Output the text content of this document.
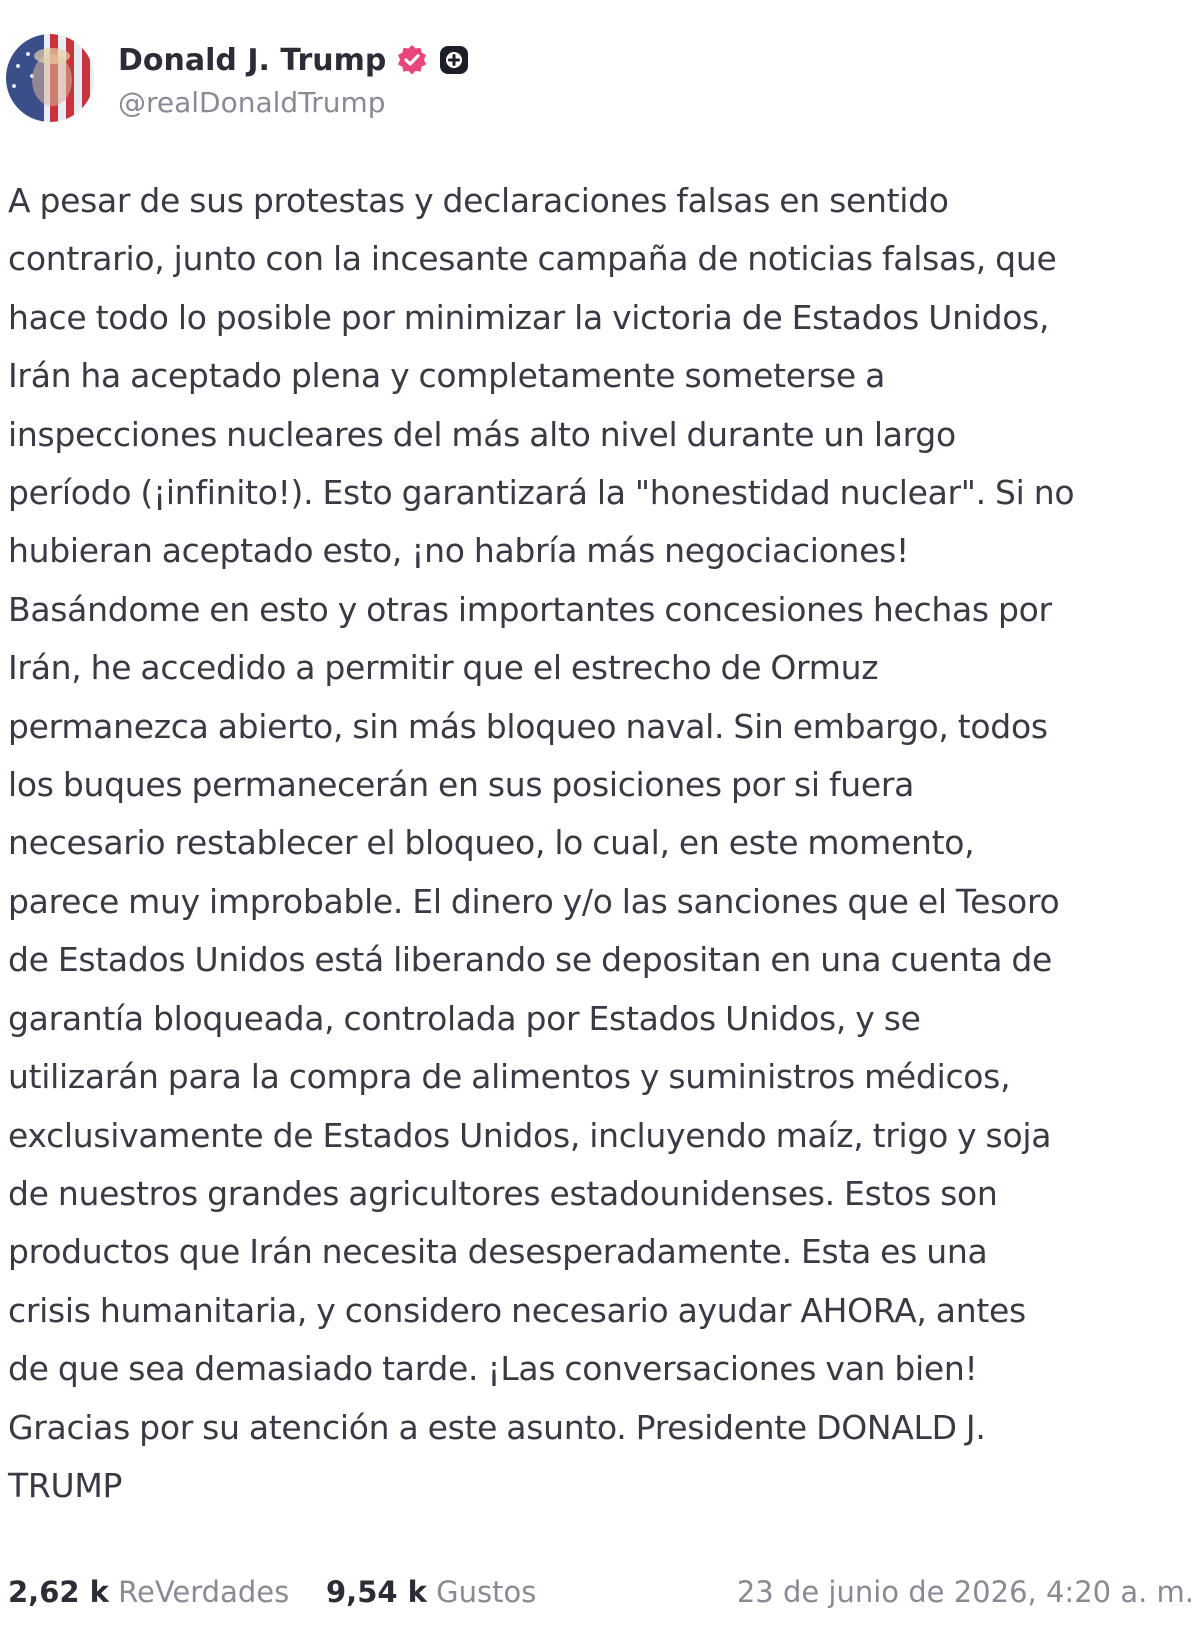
Donald J. Trump
@realDonaldTrump

A pesar de sus protestas y declaraciones falsas en sentido
contrario, junto con la incesante campaña de noticias falsas, que
hace todo lo posible por minimizar la victoria de Estados Unidos,
Irán ha aceptado plena y completamente someterse a
inspecciones nucleares del más alto nivel durante un largo
período (¡infinito!). Esto garantizará la "honestidad nuclear". Si no
hubieran aceptado esto, ¡no habría más negociaciones!
Basándome en esto y otras importantes concesiones hechas por
Irán, he accedido a permitir que el estrecho de Ormuz
permanezca abierto, sin más bloqueo naval. Sin embargo, todos
los buques permanecerán en sus posiciones por si fuera
necesario restablecer el bloqueo, lo cual, en este momento,
parece muy improbable. El dinero y/o las sanciones que el Tesoro
de Estados Unidos está liberando se depositan en una cuenta de
garantía bloqueada, controlada por Estados Unidos, y se
utilizarán para la compra de alimentos y suministros médicos,
exclusivamente de Estados Unidos, incluyendo maíz, trigo y soja
de nuestros grandes agricultores estadounidenses. Estos son
productos que Irán necesita desesperadamente. Esta es una
crisis humanitaria, y considero necesario ayudar AHORA, antes
de que sea demasiado tarde. ¡Las conversaciones van bien!
Gracias por su atención a este asunto. Presidente DONALD J.
TRUMP

2,62 k ReVerdades 9,54 k Gustos	23 de junio de 2026, 4:20 a. m.
